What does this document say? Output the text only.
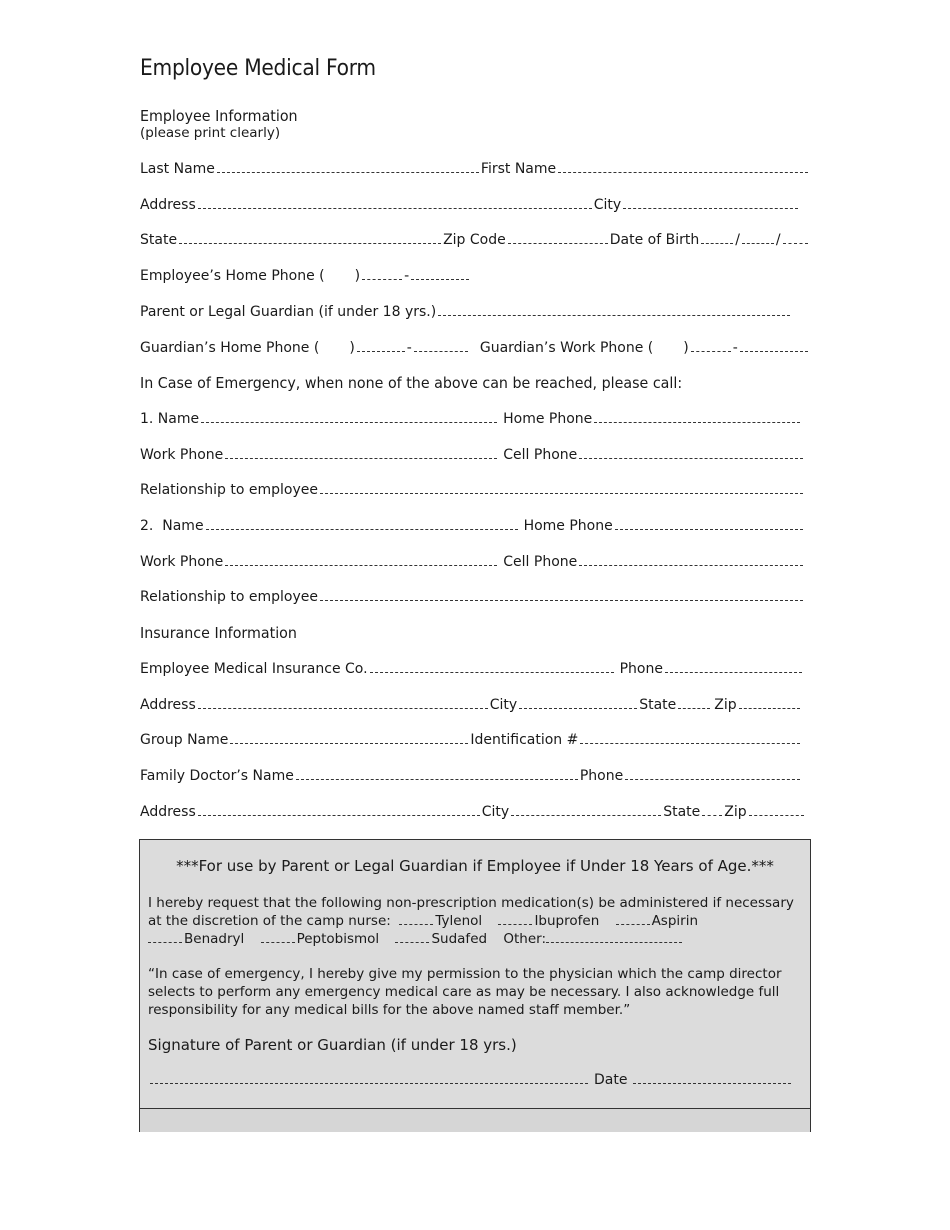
Employee Medical Form
Employee Information
(please print clearly)
Last Name	First Name
Address	City
State	Zip Code	Date of Birth	/	/
Employee’s Home Phone ( )	-
Parent or Legal Guardian (if under 18 yrs.)
Guardian’s Home Phone ( )	-	Guardian’s Work Phone ( )	-
In Case of Emergency, when none of the above can be reached, please call:
1. Name	Home Phone
Work Phone	Cell Phone
Relationship to employee
2.  Name	Home Phone
Work Phone	Cell Phone
Relationship to employee
Insurance Information
Employee Medical Insurance Co.	Phone
Address	City	State	Zip
Group Name	Identification #
Family Doctor’s Name	Phone
Address	City	State Zip
***For use by Parent or Legal Guardian if Employee if Under 18 Years of Age.***
I hereby request that the following non-prescription medication(s) be administered if necessary at the discretion of the camp nurse:	Tylenol
	Ibuprofen
	Aspirin

Benadryl
	Peptobismol
	Sudafed
Other:
“In case of emergency, I hereby give my permission to the physician which the camp director selects to perform any emergency medical care as may be necessary. I also acknowledge full responsibility for any medical bills for the above named staff member.”
Signature of Parent or Guardian (if under 18 yrs.)
Date
